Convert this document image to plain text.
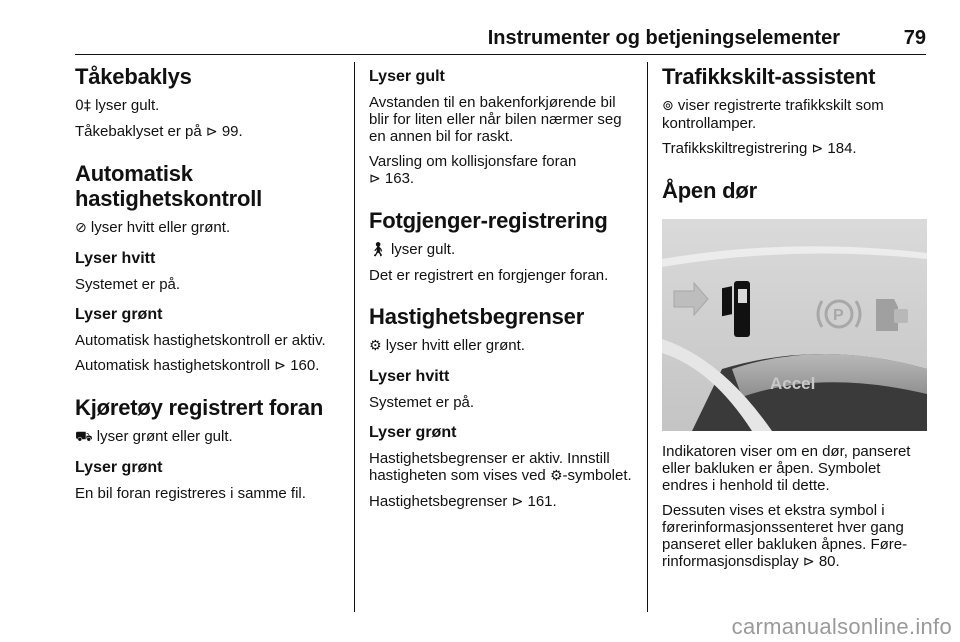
Instrumenter og betjeningselementer	79
Tåkebaklys

0‡ lyser gult.

Tåkebaklyset er på ⊳ 99.

Automatisk
hastighetskontroll

⊘ lyser hvitt eller grønt.

Lyser hvitt

Systemet er på.

Lyser grønt

Automatisk hastighetskontroll er aktiv.

Automatisk hastighetskontroll ⊳ 160.

Kjøretøy registrert foran

⛟ lyser grønt eller gult.

Lyser grønt

En bil foran registreres i samme fil.

Lyser gult

Avstanden til en bakenforkjørende bil blir for liten eller når bilen nærmer seg en annen bil for raskt.

Varsling om kollisjonsfare foran
⊳ 163.

Fotgjenger-registrering

🚶︎ lyser gult.

Det er registrert en forgjenger foran.

Hastighetsbegrenser

⚙ lyser hvitt eller grønt.

Lyser hvitt

Systemet er på.

Lyser grønt

Hastighetsbegrenser er aktiv. Innstill hastigheten som vises ved ⚙-symbolet.

Hastighetsbegrenser ⊳ 161.

Trafikkskilt-assistent

⊚ viser registrerte trafikkskilt som kontrollamper.

Trafikkskiltregistrering ⊳ 184.

Åpen dør
P
Accel

Indikatoren viser om en dør, panseret eller bakluken er åpen. Symbolet endres i henhold til dette.

Dessuten vises et ekstra symbol i førerinformasjonssenteret hver gang panseret eller bakluken åpnes. Førerinformasjonsdisplay ⊳ 80.

carmanualsonline.info
